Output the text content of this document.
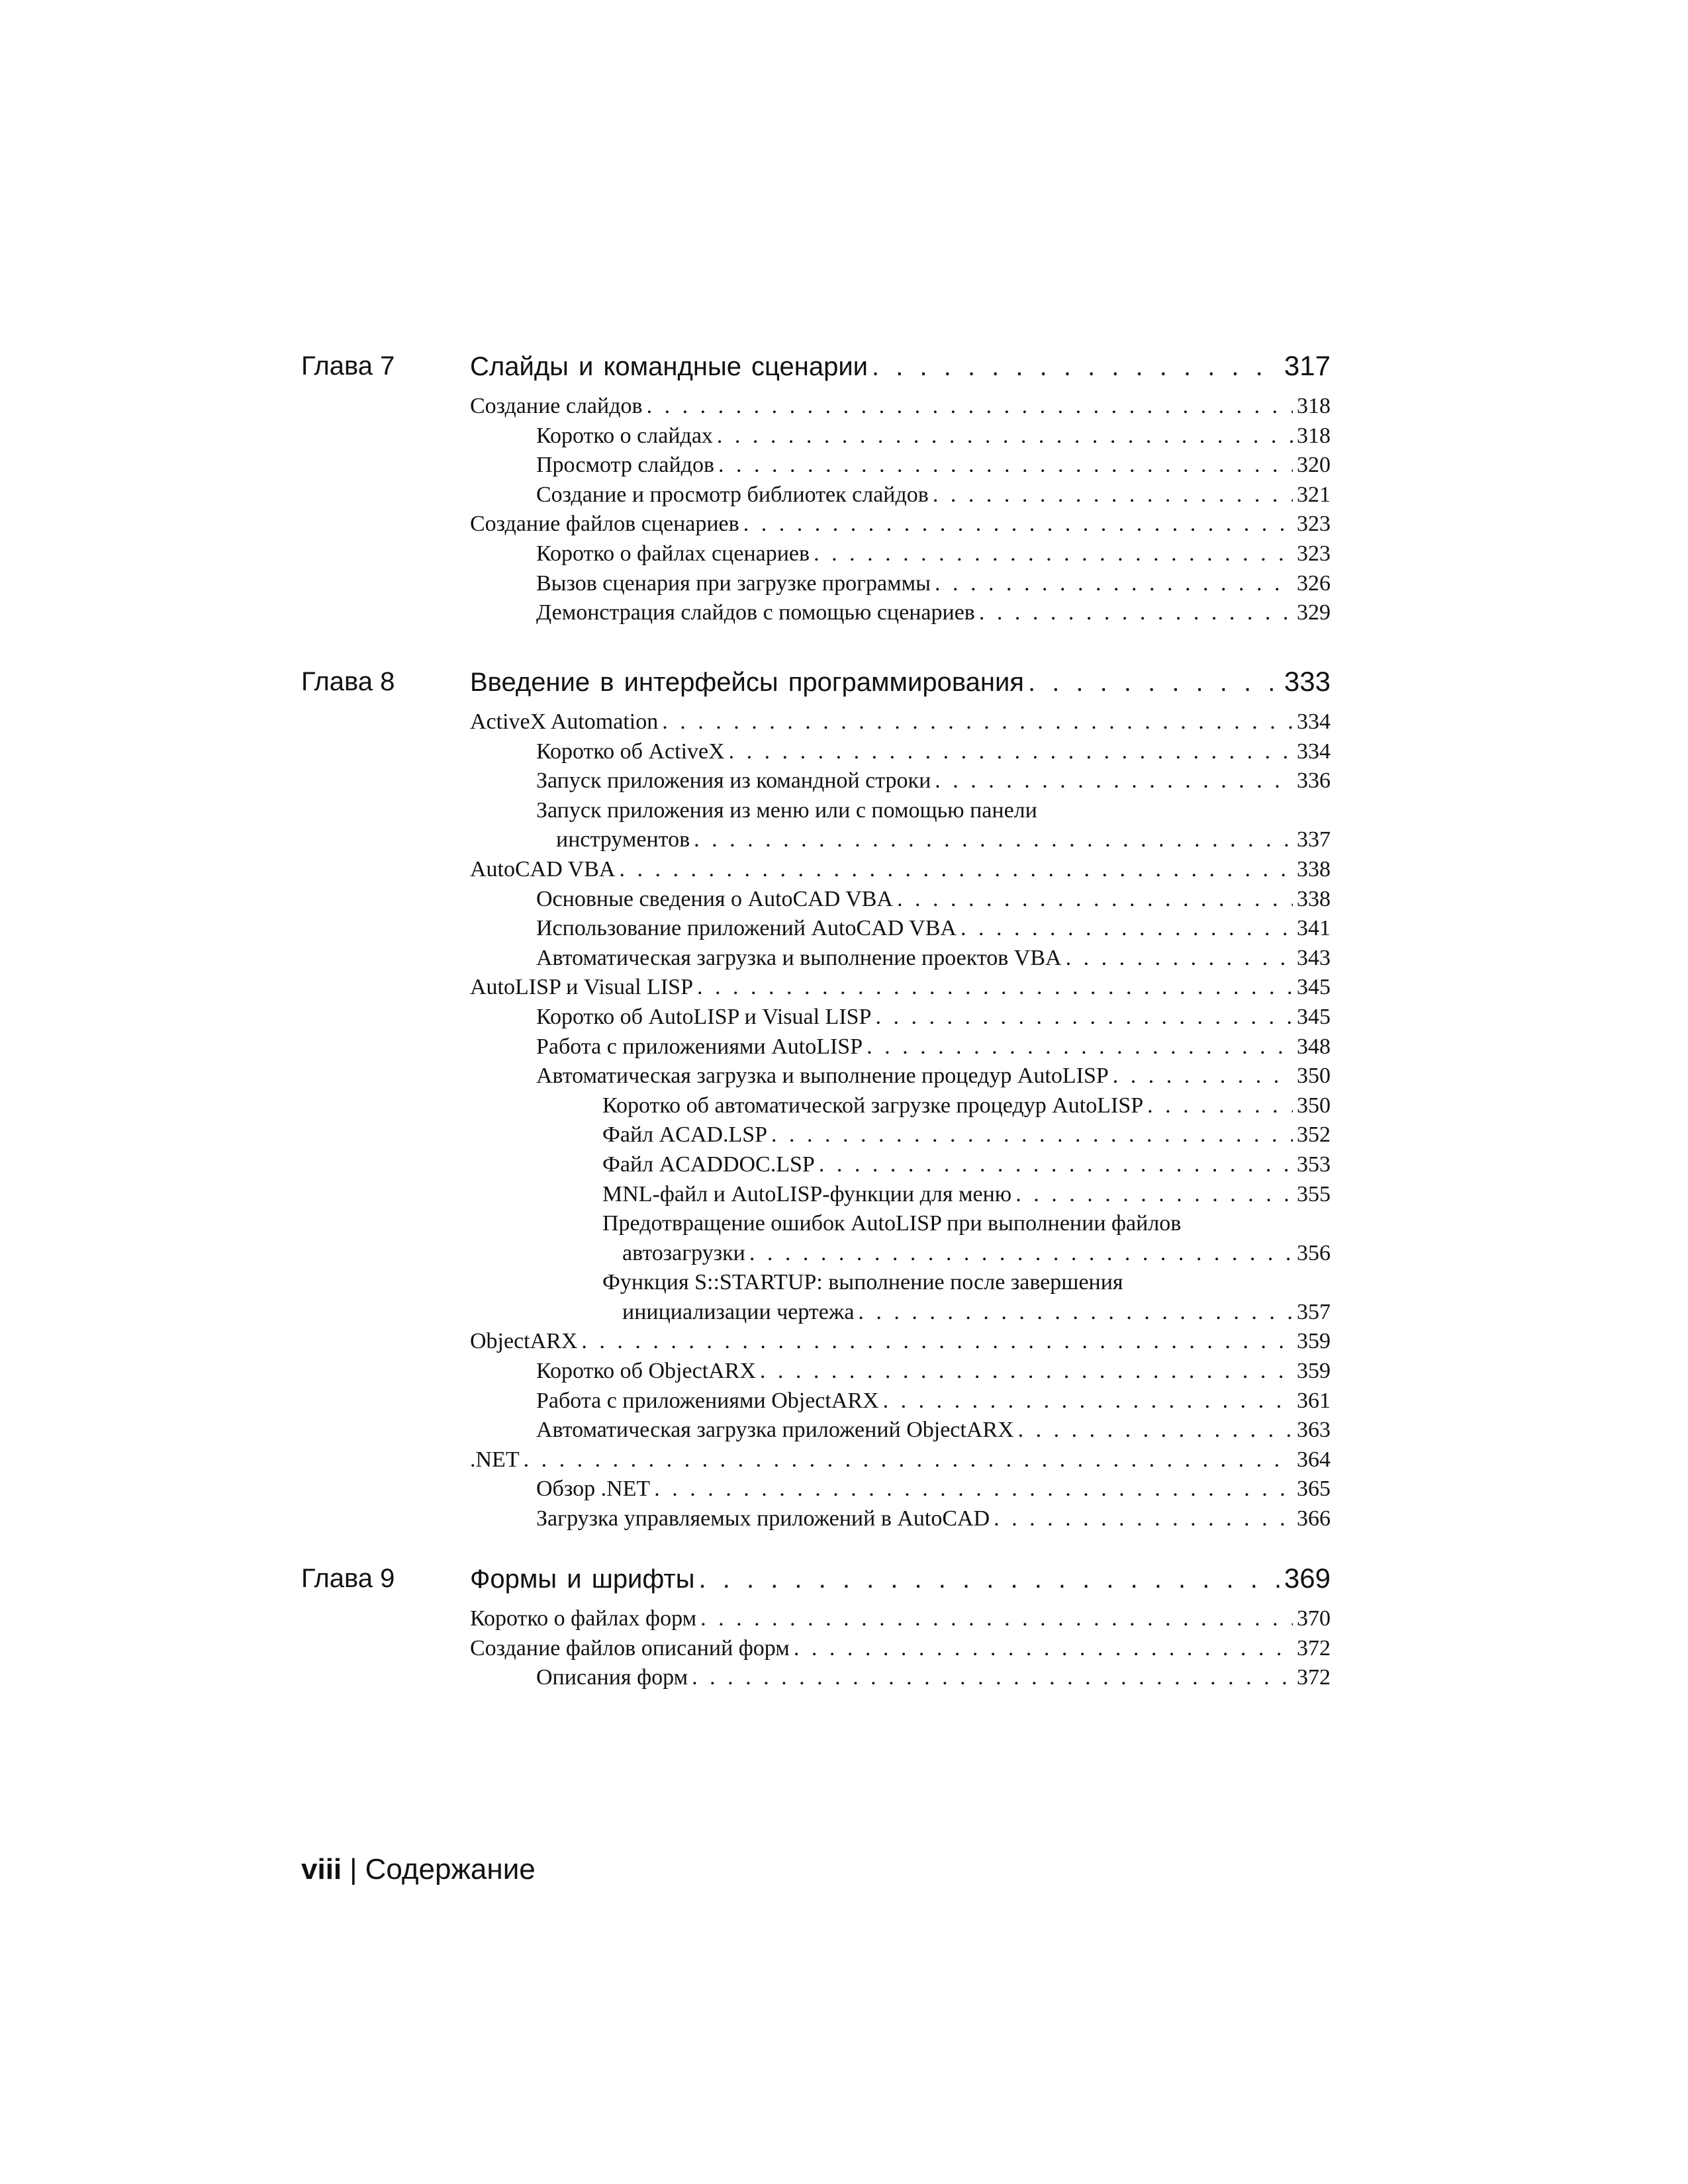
Глава 7	Слайды и командные сценарии . . .	317
Создание слайдов . . .	318
Коротко о слайдах . . .	318
Просмотр слайдов . . .	320
Создание и просмотр библиотек слайдов . . .	321
Создание файлов сценариев . . .	323
Коротко о файлах сценариев . . .	323
Вызов сценария при загрузке программы . . .	326
Демонстрация слайдов с помощью сценариев . . .	329
Глава 8	Введение в интерфейсы программирования . . .	333
ActiveX Automation . . .	334
Коротко об ActiveX . . .	334
Запуск приложения из командной строки . . .	336
Запуск приложения из меню или с помощью панели
инструментов . . .	337
AutoCAD VBA . . .	338
Основные сведения о AutoCAD VBA . . .	338
Использование приложений AutoCAD VBA . . .	341
Автоматическая загрузка и выполнение проектов VBA . . .	343
AutoLISP и Visual LISP . . .	345
Коротко об AutoLISP и Visual LISP . . .	345
Работа с приложениями AutoLISP . . .	348
Автоматическая загрузка и выполнение процедур AutoLISP . . .	350
Коротко об автоматической загрузке процедур AutoLISP . . .	350
Файл ACAD.LSP . . .	352
Файл ACADDOC.LSP . . .	353
MNL-файл и AutoLISP-функции для меню . . .	355
Предотвращение ошибок AutoLISP при выполнении файлов
автозагрузки . . .	356
Функция S::STARTUP: выполнение после завершения
инициализации чертежа . . .	357
ObjectARX . . .	359
Коротко об ObjectARX . . .	359
Работа с приложениями ObjectARX . . .	361
Автоматическая загрузка приложений ObjectARX . . .	363
.NET . . .	364
Обзор .NET . . .	365
Загрузка управляемых приложений в AutoCAD . . .	366
Глава 9	Формы и шрифты . . .	369
Коротко о файлах форм . . .	370
Создание файлов описаний форм . . .	372
Описания форм . . .	372
viii | Содержание
